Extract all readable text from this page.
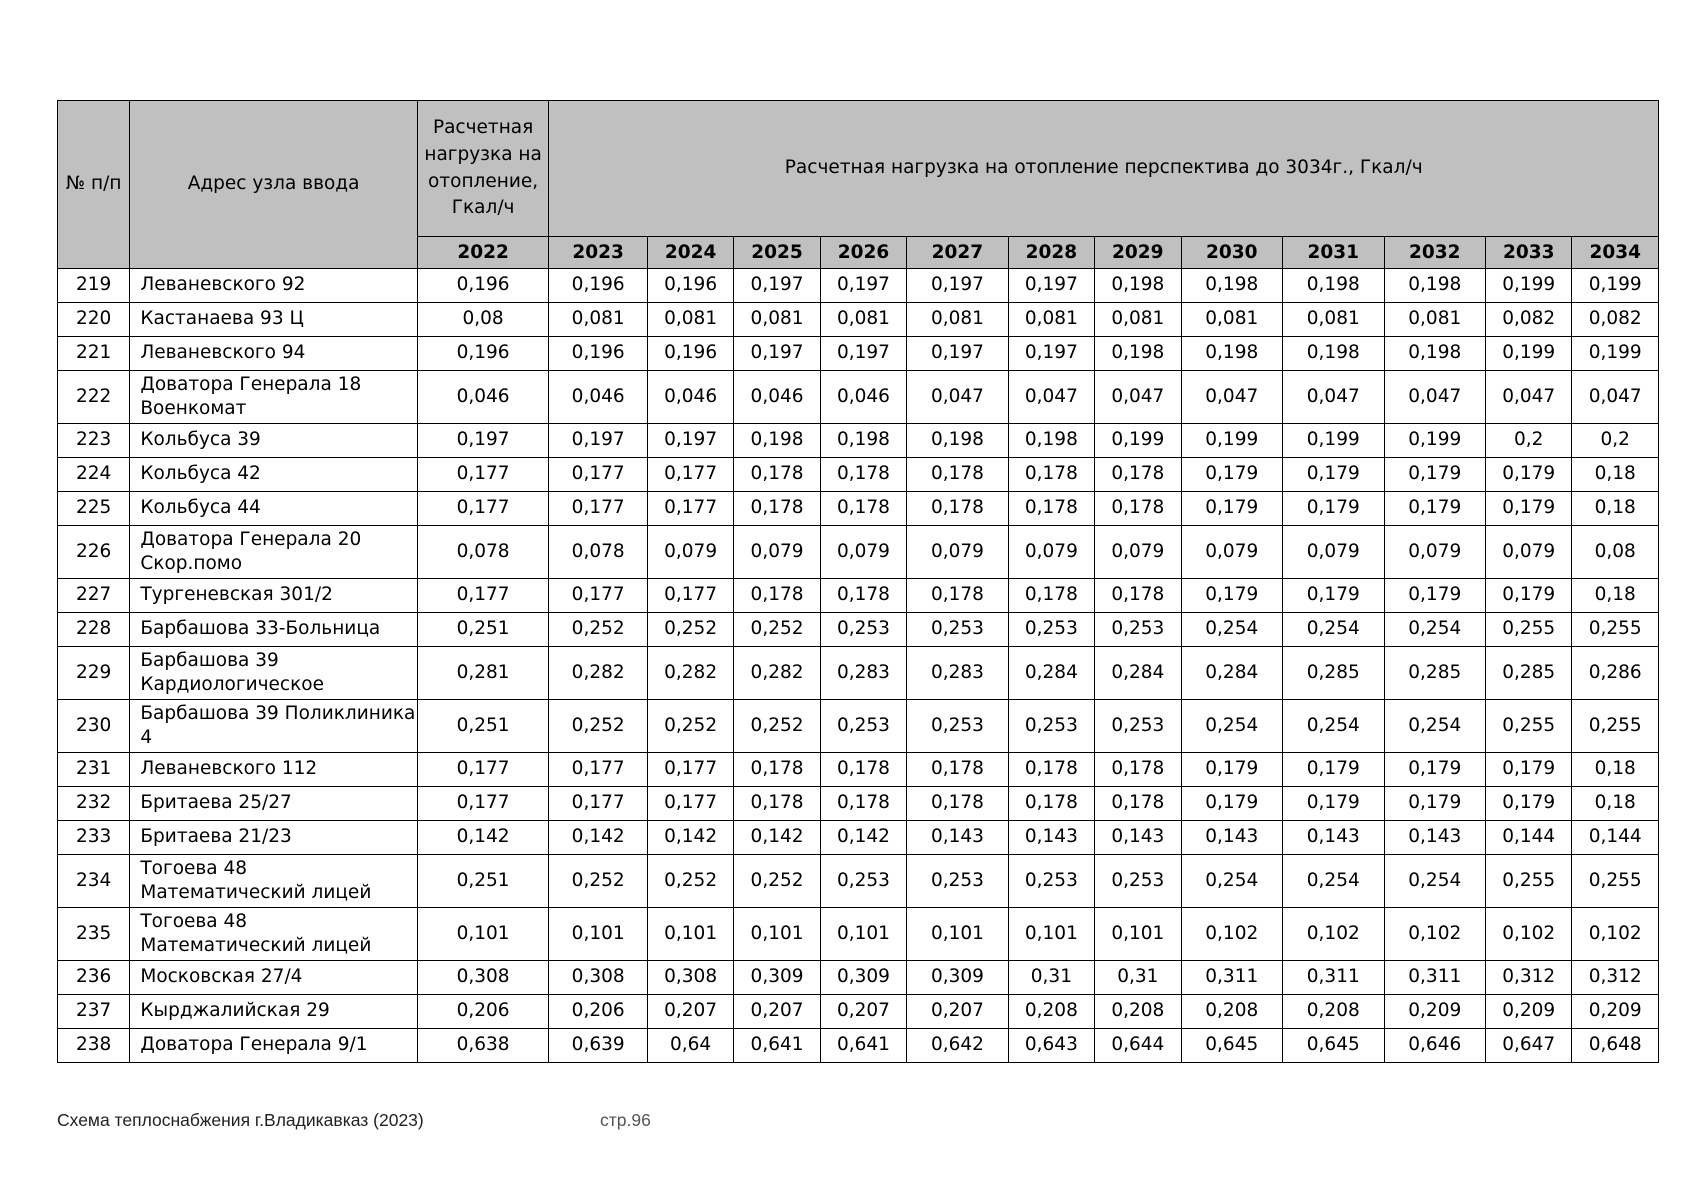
№ п/п	Адрес узла ввода	Расчетная нагрузка на отопление, Гкал/ч	Расчетная нагрузка на отопление перспектива до 3034г., Гкал/ч											
		2022	2023	2024	2025	2026	2027	2028	2029	2030	2031	2032	2033	2034
219	Леваневского 92	0,196	0,196	0,196	0,197	0,197	0,197	0,197	0,198	0,198	0,198	0,198	0,199	0,199
220	Кастанаева 93 Ц	0,08	0,081	0,081	0,081	0,081	0,081	0,081	0,081	0,081	0,081	0,081	0,082	0,082
221	Леваневского 94	0,196	0,196	0,196	0,197	0,197	0,197	0,197	0,198	0,198	0,198	0,198	0,199	0,199
222	Доватора Генерала 18 Военкомат	0,046	0,046	0,046	0,046	0,046	0,047	0,047	0,047	0,047	0,047	0,047	0,047	0,047
223	Кольбуса 39	0,197	0,197	0,197	0,198	0,198	0,198	0,198	0,199	0,199	0,199	0,199	0,2	0,2
224	Кольбуса 42	0,177	0,177	0,177	0,178	0,178	0,178	0,178	0,178	0,179	0,179	0,179	0,179	0,18
225	Кольбуса 44	0,177	0,177	0,177	0,178	0,178	0,178	0,178	0,178	0,179	0,179	0,179	0,179	0,18
226	Доватора Генерала 20 Скор.помо	0,078	0,078	0,079	0,079	0,079	0,079	0,079	0,079	0,079	0,079	0,079	0,079	0,08
227	Тургеневская 301/2	0,177	0,177	0,177	0,178	0,178	0,178	0,178	0,178	0,179	0,179	0,179	0,179	0,18
228	Барбашова 33-Больница	0,251	0,252	0,252	0,252	0,253	0,253	0,253	0,253	0,254	0,254	0,254	0,255	0,255
229	Барбашова 39 Кардиологическое	0,281	0,282	0,282	0,282	0,283	0,283	0,284	0,284	0,284	0,285	0,285	0,285	0,286
230	Барбашова 39 Поликлиника 4	0,251	0,252	0,252	0,252	0,253	0,253	0,253	0,253	0,254	0,254	0,254	0,255	0,255
231	Леваневского 112	0,177	0,177	0,177	0,178	0,178	0,178	0,178	0,178	0,179	0,179	0,179	0,179	0,18
232	Бритаева 25/27	0,177	0,177	0,177	0,178	0,178	0,178	0,178	0,178	0,179	0,179	0,179	0,179	0,18
233	Бритаева 21/23	0,142	0,142	0,142	0,142	0,142	0,143	0,143	0,143	0,143	0,143	0,143	0,144	0,144
234	Тогоева 48 Математический лицей	0,251	0,252	0,252	0,252	0,253	0,253	0,253	0,253	0,254	0,254	0,254	0,255	0,255
235	Тогоева 48 Математический лицей	0,101	0,101	0,101	0,101	0,101	0,101	0,101	0,101	0,102	0,102	0,102	0,102	0,102
236	Московская 27/4	0,308	0,308	0,308	0,309	0,309	0,309	0,31	0,31	0,311	0,311	0,311	0,312	0,312
237	Кырджалийская 29	0,206	0,206	0,207	0,207	0,207	0,207	0,208	0,208	0,208	0,208	0,209	0,209	0,209
238	Доватора Генерала 9/1	0,638	0,639	0,64	0,641	0,641	0,642	0,643	0,644	0,645	0,645	0,646	0,647	0,648
Схема теплоснабжения г.Владикавказ (2023)	стр.96
